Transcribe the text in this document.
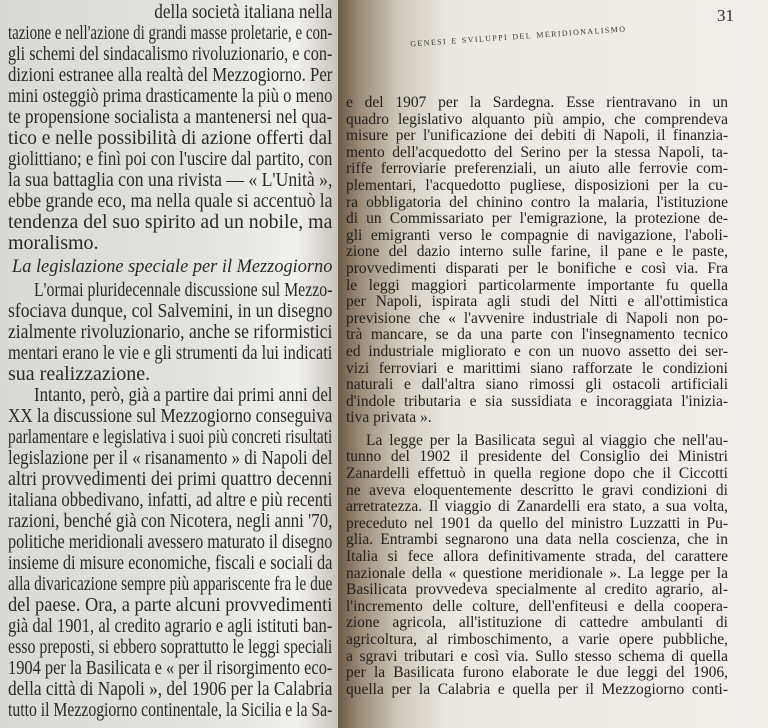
della società italiana nella
tazione e nell'azione di grandi masse proletarie, e con-
gli schemi del sindacalismo rivoluzionario, e con-
dizioni estranee alla realtà del Mezzogiorno. Per
mini osteggiò prima drasticamente la più o meno
te propensione socialista a mantenersi nel qua-
tico e nelle possibilità di azione offerti dal
giolittiano; e finì poi con l'uscire dal partito, con
la sua battaglia con una rivista — « L'Unità »,
ebbe grande eco, ma nella quale si accentuò la
tendenza del suo spirito ad un nobile, ma
moralismo.
La legislazione speciale per il Mezzogiorno
L'ormai pluridecennale discussione sul Mezzo-
sfociava dunque, col Salvemini, in un disegno
zialmente rivoluzionario, anche se riformistici
mentari erano le vie e gli strumenti da lui indicati
sua realizzazione.
Intanto, però, già a partire dai primi anni del
XX la discussione sul Mezzogiorno conseguiva
parlamentare e legislativa i suoi più concreti risultati
legislazione per il « risanamento » di Napoli del
altri provvedimenti dei primi quattro decenni
italiana obbedivano, infatti, ad altre e più recenti
razioni, benché già con Nicotera, negli anni '70,
politiche meridionali avessero maturato il disegno
insieme di misure economiche, fiscali e sociali da
alla divaricazione sempre più appariscente fra le due
del paese. Ora, a parte alcuni provvedimenti
già dal 1901, al credito agrario e agli istituti ban-
esso preposti, si ebbero soprattutto le leggi speciali
1904 per la Basilicata e « per il risorgimento eco-
della città di Napoli », del 1906 per la Calabria
tutto il Mezzogiorno continentale, la Sicilia e la Sa-
31
genesi e sviluppi del meridionalismo
e del 1907 per la Sardegna. Esse rientravano in un
quadro legislativo alquanto più ampio, che comprendeva
misure per l'unificazione dei debiti di Napoli, il finanzia-
mento dell'acquedotto del Serino per la stessa Napoli, ta-
riffe ferroviarie preferenziali, un aiuto alle ferrovie com-
plementari, l'acquedotto pugliese, disposizioni per la cu-
ra obbligatoria del chinino contro la malaria, l'istituzione
di un Commissariato per l'emigrazione, la protezione de-
gli emigranti verso le compagnie di navigazione, l'aboli-
zione del dazio interno sulle farine, il pane e le paste,
provvedimenti disparati per le bonifiche e così via. Fra
le leggi maggiori particolarmente importante fu quella
per Napoli, ispirata agli studi del Nitti e all'ottimistica
previsione che « l'avvenire industriale di Napoli non po-
trà mancare, se da una parte con l'insegnamento tecnico
ed industriale migliorato e con un nuovo assetto dei ser-
vizi ferroviari e marittimi siano rafforzate le condizioni
naturali e dall'altra siano rimossi gli ostacoli artificiali
d'indole tributaria e sia sussidiata e incoraggiata l'inizia-
tiva privata ».
La legge per la Basilicata seguì al viaggio che nell'au-
tunno del 1902 il presidente del Consiglio dei Ministri
Zanardelli effettuò in quella regione dopo che il Ciccotti
ne aveva eloquentemente descritto le gravi condizioni di
arretratezza. Il viaggio di Zanardelli era stato, a sua volta,
preceduto nel 1901 da quello del ministro Luzzatti in Pu-
glia. Entrambi segnarono una data nella coscienza, che in
Italia si fece allora definitivamente strada, del carattere
nazionale della « questione meridionale ». La legge per la
Basilicata provvedeva specialmente al credito agrario, al-
l'incremento delle colture, dell'enfiteusi e della coopera-
zione agricola, all'istituzione di cattedre ambulanti di
agricoltura, al rimboschimento, a varie opere pubbliche,
a sgravi tributari e così via. Sullo stesso schema di quella
per la Basilicata furono elaborate le due leggi del 1906,
quella per la Calabria e quella per il Mezzogiorno conti-
